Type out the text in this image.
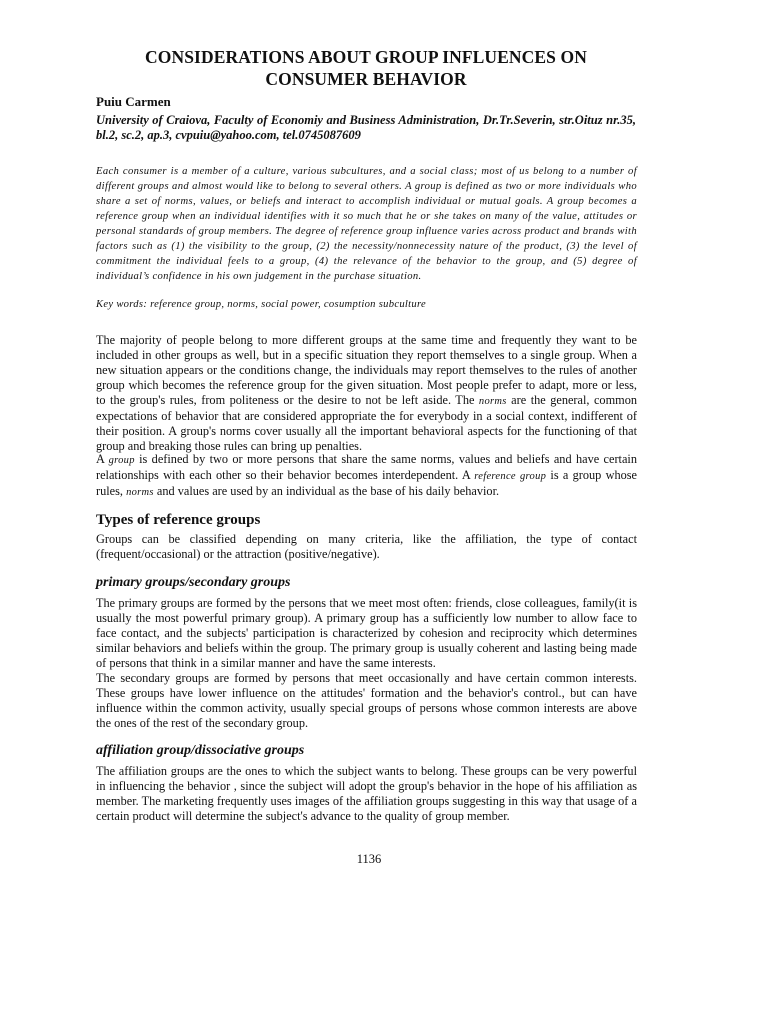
CONSIDERATIONS ABOUT GROUP INFLUENCES ON CONSUMER BEHAVIOR
Puiu Carmen
University of Craiova, Faculty of Economiy and Business Administration, Dr.Tr.Severin, str.Oituz nr.35, bl.2, sc.2, ap.3, cvpuiu@yahoo.com, tel.0745087609

Each consumer is a member of a culture, various subcultures, and a social class; most of us belong to a number of different groups and almost would like to belong to several others. A group is defined as two or more individuals who share a set of norms, values, or beliefs and interact to accomplish individual or mutual goals. A group becomes a reference group when an individual identifies with it so much that he or she takes on many of the value, attitudes or personal standards of group members. The degree of reference group influence varies across product and brands with factors such as (1) the visibility to the group, (2) the necessity/nonnecessity nature of the product, (3) the level of commitment the individual feels to a group, (4) the relevance of the behavior to the group, and (5) degree of individual’s confidence in his own judgement in the purchase situation.

Key words: reference group, norms, social power, cosumption subculture

The majority of people belong to more different groups at the same time and frequently they want to be included in other groups as well, but in a specific situation they report themselves to a single group. When a new situation appears or the conditions change, the individuals may report themselves to the rules of another group which becomes the reference group for the given situation. Most people prefer to adapt, more or less, to the group's rules, from politeness or the desire to not be left aside. The norms are the general, common expectations of behavior that are considered appropriate the for everybody in a social context, indifferent of their position. A group's norms cover usually all the important behavioral aspects for the functioning of that group and breaking those rules can bring up penalties.

A group is defined by two or more persons that share the same norms, values and beliefs and have certain relationships with each other so their behavior becomes interdependent. A reference group is a group whose rules, norms and values are used by an individual as the base of his daily behavior.

Types of reference groups

Groups can be classified depending on many criteria, like the affiliation, the type of contact (frequent/occasional) or the attraction (positive/negative).

primary groups/secondary groups

The primary groups are formed by the persons that we meet most often: friends, close colleagues, family(it is usually the most powerful primary group). A primary group has a sufficiently low number to allow face to face contact, and the subjects' participation is characterized by cohesion and reciprocity which determines similar behaviors and beliefs within the group. The primary group is usually coherent and lasting being made of persons that think in a similar manner and have the same interests.

The secondary groups are formed by persons that meet occasionally and have certain common interests. These groups have lower influence on the attitudes' formation and the behavior's control., but can have influence within the common activity, usually special groups of persons whose common interests are above the ones of the rest of the secondary group.

affiliation group/dissociative groups

The affiliation groups are the ones to which the subject wants to belong. These groups can be very powerful in influencing the behavior , since the subject will adopt the group's behavior in the hope of his affiliation as member. The marketing frequently uses images of the affiliation groups suggesting in this way that usage of a certain product will determine the subject's advance to the quality of group member.

1136
